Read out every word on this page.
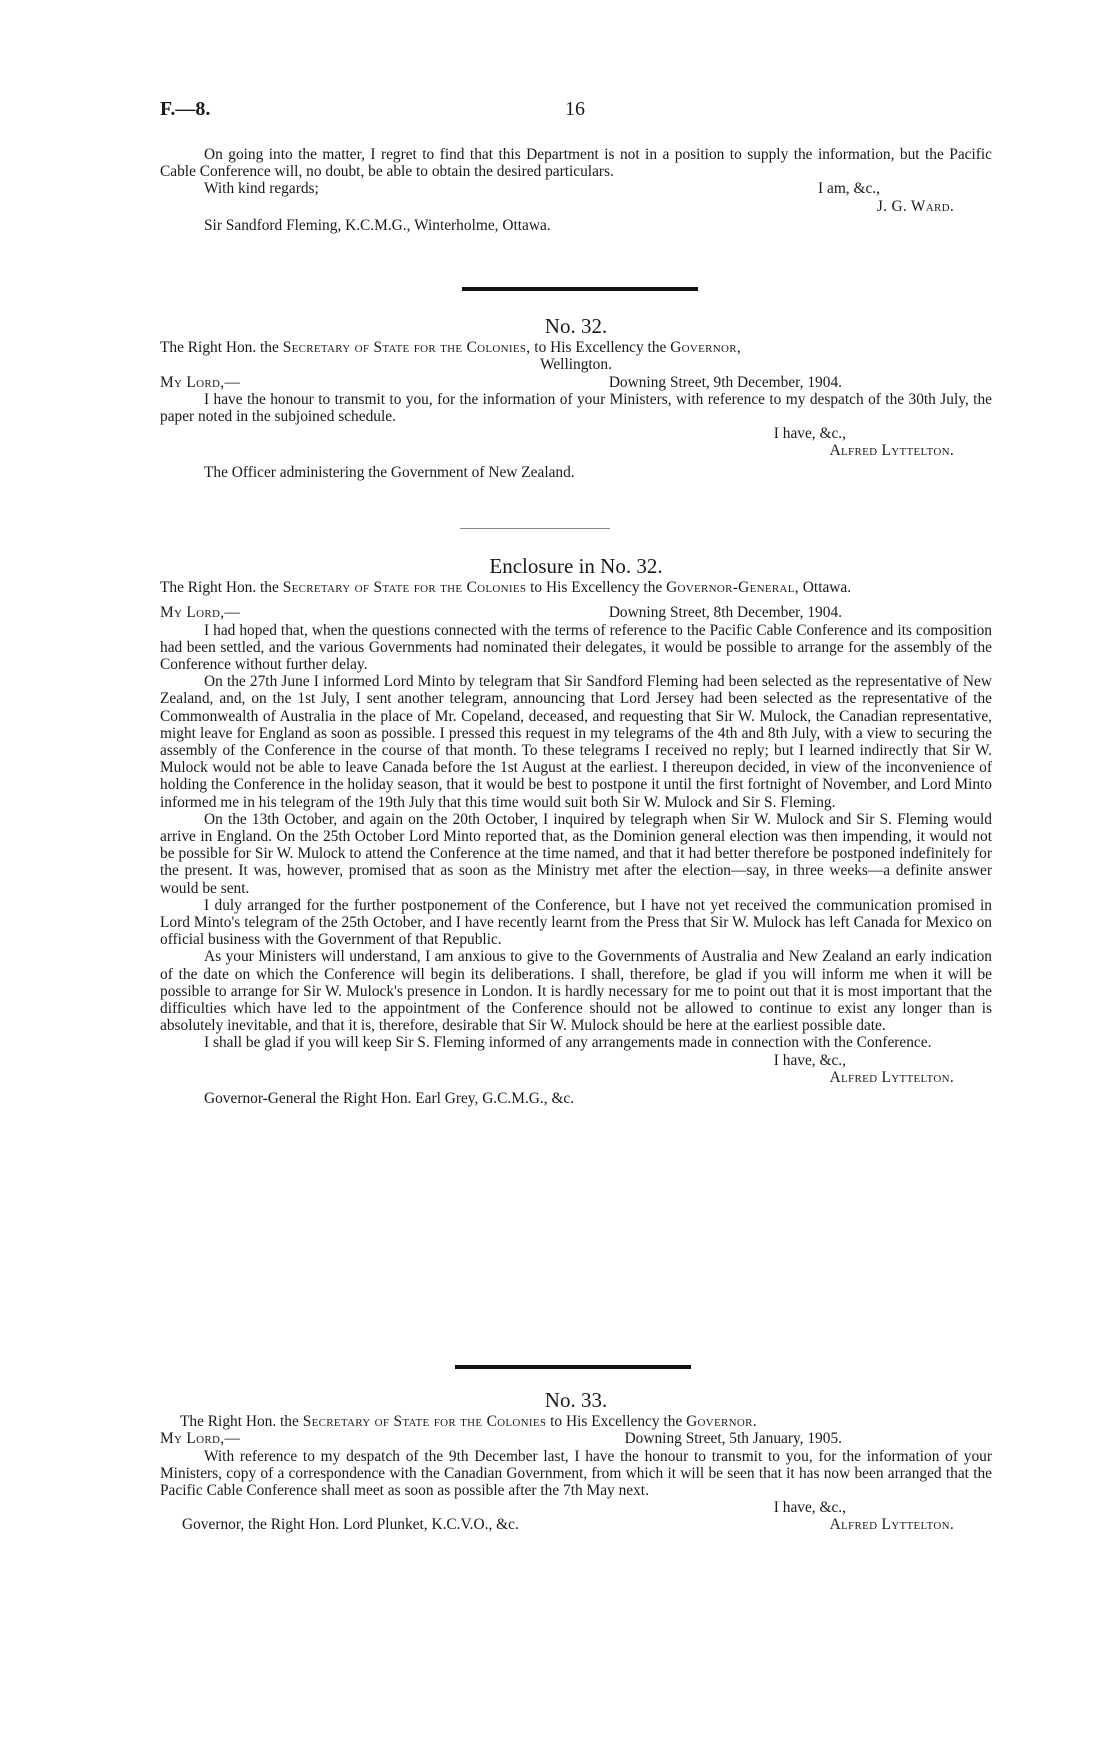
F.—8.	16

On going into the matter, I regret to find that this Department is not in a position to supply the information, but the Pacific Cable Conference will, no doubt, be able to obtain the desired particulars.

With kind regards;	I am, &c.,
J. G. Ward.
Sir Sandford Fleming, K.C.M.G., Winterholme, Ottawa.
No. 32.

The Right Hon. the Secretary of State for the Colonies, to His Excellency the Governor,

Wellington.
My Lord,—	Downing Street, 9th December, 1904.

I have the honour to transmit to you, for the information of your Ministers, with reference to my despatch of the 30th July, the paper noted in the subjoined schedule.

I have, &c.,
Alfred Lyttelton.
The Officer administering the Government of New Zealand.
Enclosure in No. 32.

The Right Hon. the Secretary of State for the Colonies to His Excellency the Governor-General, Ottawa.

My Lord,—	Downing Street, 8th December, 1904.

I had hoped that, when the questions connected with the terms of reference to the Pacific Cable Conference and its composition had been settled, and the various Governments had nominated their delegates, it would be possible to arrange for the assembly of the Conference without further delay.

On the 27th June I informed Lord Minto by telegram that Sir Sandford Fleming had been selected as the representative of New Zealand, and, on the 1st July, I sent another telegram, announcing that Lord Jersey had been selected as the representative of the Commonwealth of Australia in the place of Mr. Copeland, deceased, and requesting that Sir W. Mulock, the Canadian representative, might leave for England as soon as possible. I pressed this request in my telegrams of the 4th and 8th July, with a view to securing the assembly of the Conference in the course of that month. To these telegrams I received no reply; but I learned indirectly that Sir W. Mulock would not be able to leave Canada before the 1st August at the earliest. I thereupon decided, in view of the inconvenience of holding the Conference in the holiday season, that it would be best to postpone it until the first fortnight of November, and Lord Minto informed me in his telegram of the 19th July that this time would suit both Sir W. Mulock and Sir S. Fleming.

On the 13th October, and again on the 20th October, I inquired by telegraph when Sir W. Mulock and Sir S. Fleming would arrive in England. On the 25th October Lord Minto reported that, as the Dominion general election was then impending, it would not be possible for Sir W. Mulock to attend the Conference at the time named, and that it had better therefore be postponed indefinitely for the present. It was, however, promised that as soon as the Ministry met after the election—say, in three weeks—a definite answer would be sent.

I duly arranged for the further postponement of the Conference, but I have not yet received the communication promised in Lord Minto's telegram of the 25th October, and I have recently learnt from the Press that Sir W. Mulock has left Canada for Mexico on official business with the Government of that Republic.

As your Ministers will understand, I am anxious to give to the Governments of Australia and New Zealand an early indication of the date on which the Conference will begin its deliberations. I shall, therefore, be glad if you will inform me when it will be possible to arrange for Sir W. Mulock's presence in London. It is hardly necessary for me to point out that it is most important that the difficulties which have led to the appointment of the Conference should not be allowed to continue to exist any longer than is absolutely inevitable, and that it is, therefore, desirable that Sir W. Mulock should be here at the earliest possible date.

I shall be glad if you will keep Sir S. Fleming informed of any arrangements made in connection with the Conference.

I have, &c.,
Alfred Lyttelton.
Governor-General the Right Hon. Earl Grey, G.C.M.G., &c.
No. 33.

The Right Hon. the Secretary of State for the Colonies to His Excellency the Governor.

My Lord,—	Downing Street, 5th January, 1905.

With reference to my despatch of the 9th December last, I have the honour to transmit to you, for the information of your Ministers, copy of a correspondence with the Canadian Government, from which it will be seen that it has now been arranged that the Pacific Cable Conference shall meet as soon as possible after the 7th May next.

I have, &c.,
Governor, the Right Hon. Lord Plunket, K.C.V.O., &c.	Alfred Lyttelton.
